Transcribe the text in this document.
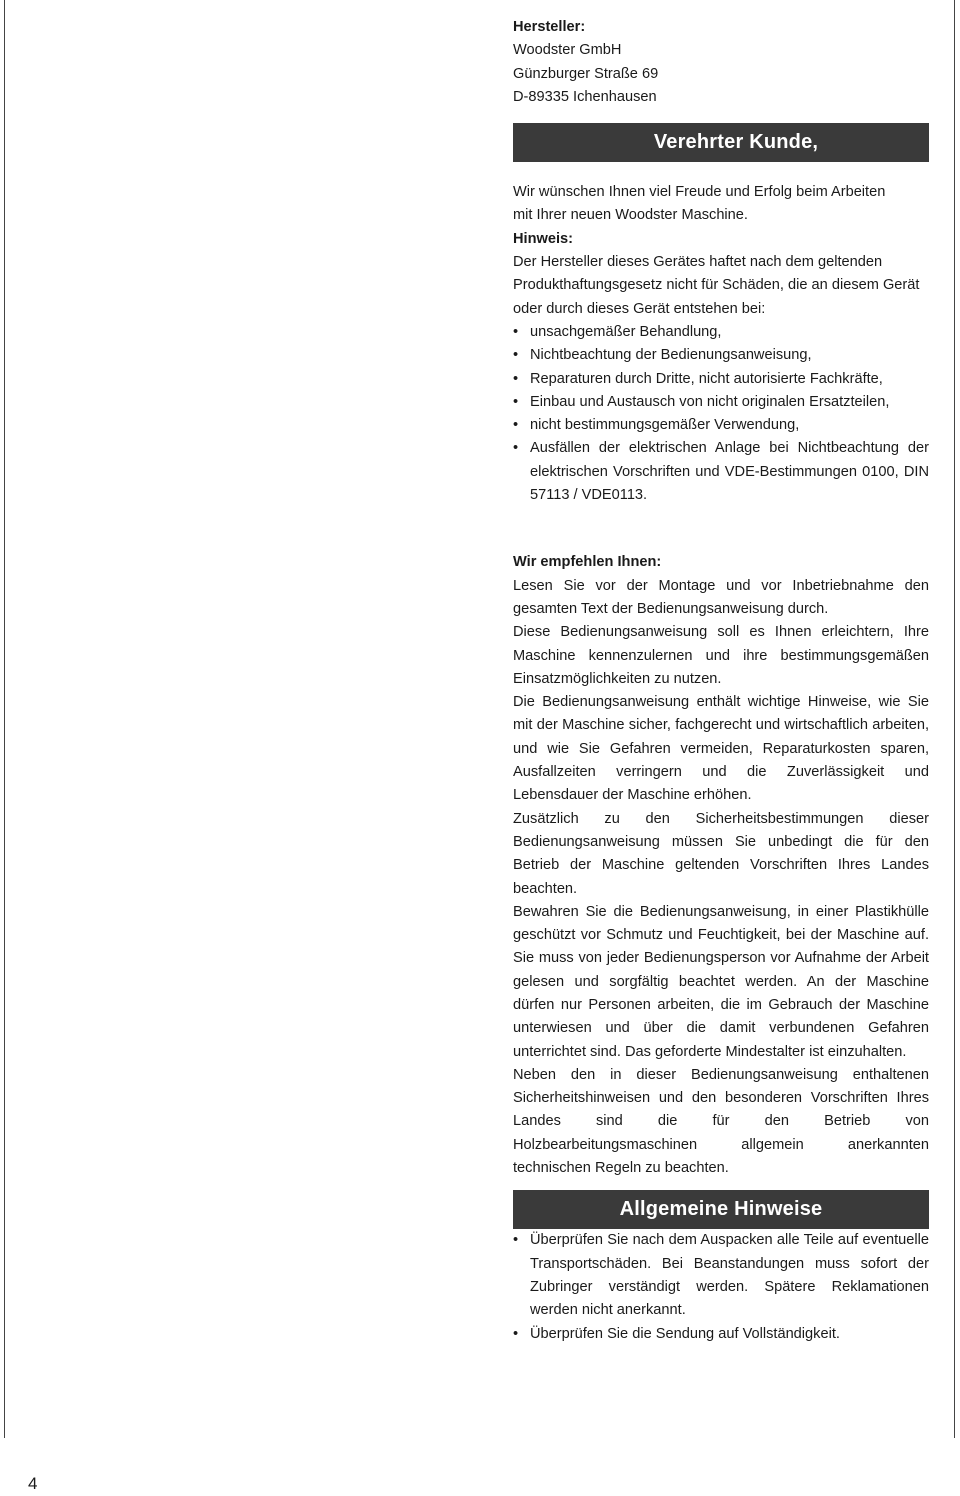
Hersteller:
Woodster GmbH
Günzburger Straße 69
D-89335 Ichenhausen
Verehrter Kunde,
Wir wünschen Ihnen viel Freude und Erfolg beim Arbeiten
mit Ihrer neuen Woodster Maschine.
Hinweis:

Der Hersteller dieses Gerätes haftet nach dem geltenden Produkthaftungsgesetz nicht für Schäden, die an diesem Gerät oder durch dieses Gerät entstehen bei:

• unsachgemäßer Behandlung,
• Nichtbeachtung der Bedienungsanweisung,
• Reparaturen durch Dritte, nicht autorisierte Fachkräfte,
• Einbau und Austausch von nicht originalen Ersatzteilen,
• nicht bestimmungsgemäßer Verwendung,
• Ausfällen der elektrischen Anlage bei Nichtbeachtung der elektrischen Vorschriften und VDE-Bestimmungen 0100, DIN 57113 / VDE0113.
Wir empfehlen Ihnen:

Lesen Sie vor der Montage und vor Inbetriebnahme den gesamten Text der Bedienungsanweisung durch.

Diese Bedienungsanweisung soll es Ihnen erleichtern, Ihre Maschine kennenzulernen und ihre bestimmungsgemäßen Einsatzmöglichkeiten zu nutzen.

Die Bedienungsanweisung enthält wichtige Hinweise, wie Sie mit der Maschine sicher, fachgerecht und wirtschaftlich arbeiten, und wie Sie Gefahren vermeiden, Reparaturkosten sparen, Ausfallzeiten verringern und die Zuverlässigkeit und Lebensdauer der Maschine erhöhen.

Zusätzlich zu den Sicherheitsbestimmungen dieser Bedienungsanweisung müssen Sie unbedingt die für den Betrieb der Maschine geltenden Vorschriften Ihres Landes beachten.

Bewahren Sie die Bedienungsanweisung, in einer Plastikhülle geschützt vor Schmutz und Feuchtigkeit, bei der Maschine auf. Sie muss von jeder Bedienungsperson vor Aufnahme der Arbeit gelesen und sorgfältig beachtet werden. An der Maschine dürfen nur Personen arbeiten, die im Gebrauch der Maschine unterwiesen und über die damit verbundenen Gefahren unterrichtet sind. Das geforderte Mindestalter ist einzuhalten.

Neben den in dieser Bedienungsanweisung enthaltenen Sicherheitshinweisen und den besonderen Vorschriften Ihres Landes sind die für den Betrieb von Holzbearbeitungsmaschinen allgemein anerkannten technischen Regeln zu beachten.

Allgemeine Hinweise
• Überprüfen Sie nach dem Auspacken alle Teile auf eventuelle Transportschäden. Bei Beanstandungen muss sofort der Zubringer verständigt werden. Spätere Reklamationen werden nicht anerkannt.
• Überprüfen Sie die Sendung auf Vollständigkeit.
4
